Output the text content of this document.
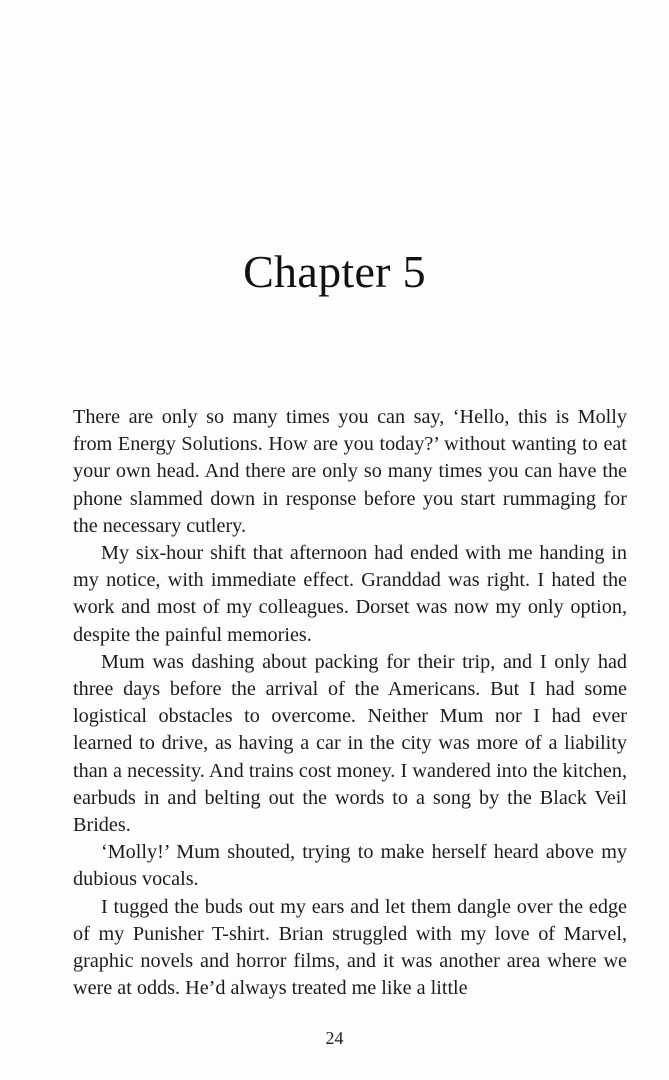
Chapter 5

There are only so many times you can say, ‘Hello, this is Molly from Energy Solutions. How are you today?’ without wanting to eat your own head. And there are only so many times you can have the phone slammed down in response before you start rummaging for the necessary cutlery.

My six-hour shift that afternoon had ended with me handing in my notice, with immediate effect. Granddad was right. I hated the work and most of my colleagues. Dorset was now my only option, despite the painful memories.

Mum was dashing about packing for their trip, and I only had three days before the arrival of the Americans. But I had some logistical obstacles to overcome. Neither Mum nor I had ever learned to drive, as having a car in the city was more of a liability than a necessity. And trains cost money. I wandered into the kitchen, earbuds in and belting out the words to a song by the Black Veil Brides.

‘Molly!’ Mum shouted, trying to make herself heard above my dubious vocals.

I tugged the buds out my ears and let them dangle over the edge of my Punisher T-shirt. Brian struggled with my love of Marvel, graphic novels and horror films, and it was another area where we were at odds. He’d always treated me like a little

24
